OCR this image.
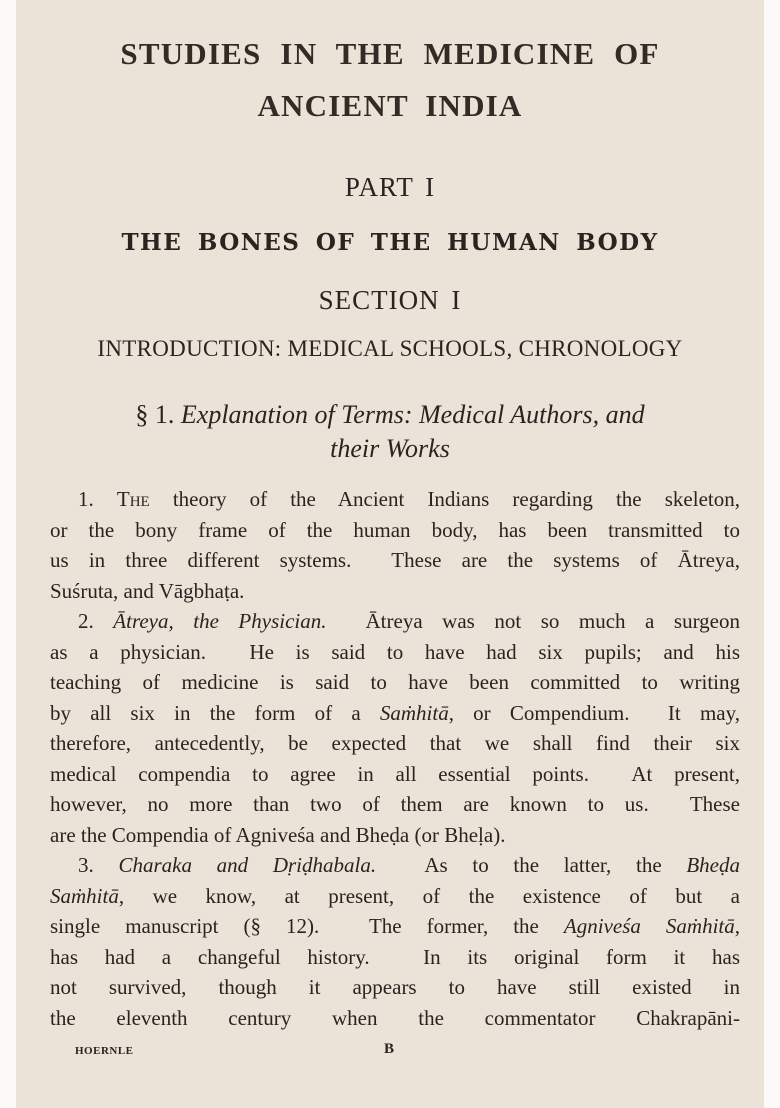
STUDIES IN THE MEDICINE OF
ANCIENT INDIA
PART I
THE BONES OF THE HUMAN BODY
SECTION I
INTRODUCTION: MEDICAL SCHOOLS, CHRONOLOGY
§ 1. Explanation of Terms: Medical Authors, and
their Works
1. The theory of the Ancient Indians regarding the skeleton,
or the bony frame of the human body, has been transmitted to
us in three different systems.  These are the systems of Ātreya,
Suśruta, and Vāgbhaṭa.
2. Ātreya, the Physician.  Ātreya was not so much a surgeon
as a physician.  He is said to have had six pupils; and his
teaching of medicine is said to have been committed to writing
by all six in the form of a Saṁhitā, or Compendium.  It may,
therefore, antecedently, be expected that we shall find their six
medical compendia to agree in all essential points.  At present,
however, no more than two of them are known to us.  These
are the Compendia of Agniveśa and Bheḍa (or Bheḷa).
3. Charaka and Dṛiḍhabala.  As to the latter, the Bheḍa
Saṁhitā, we know, at present, of the existence of but a
single manuscript (§ 12).  The former, the Agniveśa Saṁhitā,
has had a changeful history.  In its original form it has
not survived, though it appears to have still existed in
the eleventh century when the commentator Chakrapāni-
HOERNLE	B
